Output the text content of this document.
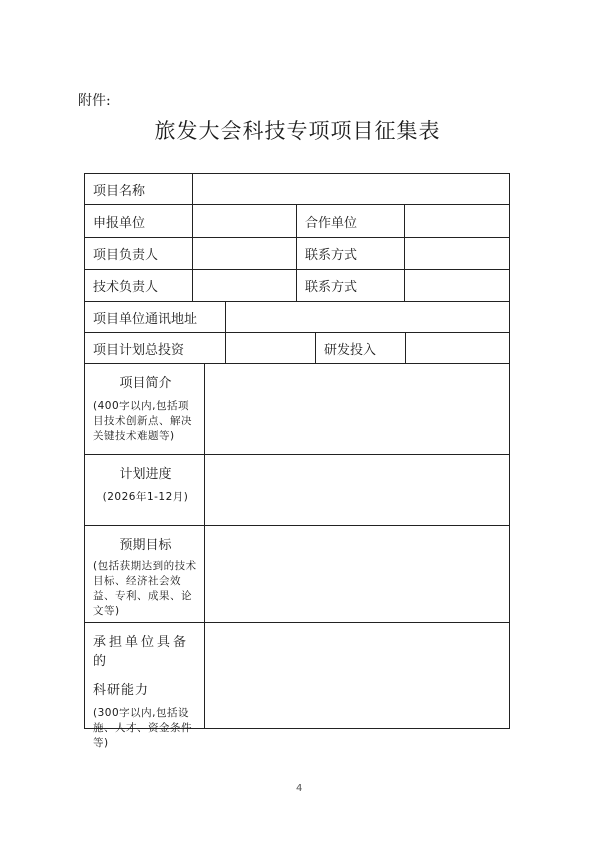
附件:
旅发大会科技专项项目征集表
项目名称
申报单位	合作单位
项目负责人	联系方式
技术负责人	联系方式
项目单位通讯地址
项目计划总投资	研发投入
项目简介
(400字以内,包括项目技术创新点、解决关键技术难题等)
计划进度
(2026年1-12月)
预期目标
(包括获期达到的技术目标、经济社会效益、专利、成果、论文等)
承担单位具备的
科研能力
(300字以内,包括设施、人才、资金条件等)
4
